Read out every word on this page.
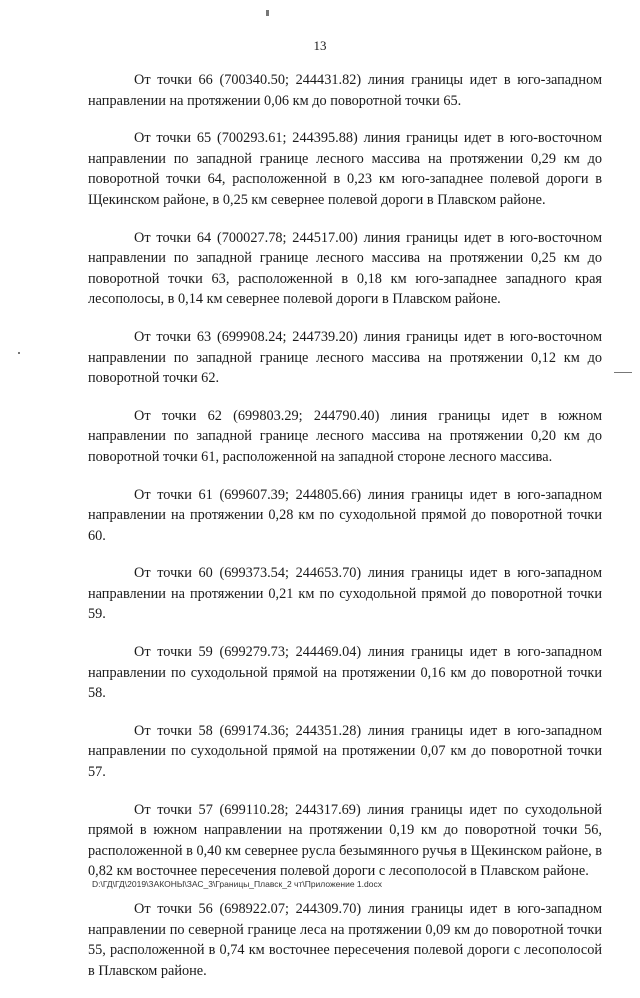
13

От точки 66 (700340.50; 244431.82) линия границы идет в юго-западном направлении на протяжении 0,06 км до поворотной точки 65.

От точки 65 (700293.61; 244395.88) линия границы идет в юго-восточном направлении по западной границе лесного массива на протяжении 0,29 км до поворотной точки 64, расположенной в 0,23 км юго-западнее полевой дороги в Щекинском районе, в 0,25 км севернее полевой дороги в Плавском районе.

От точки 64 (700027.78; 244517.00) линия границы идет в юго-восточном направлении по западной границе лесного массива на протяжении 0,25 км до поворотной точки 63, расположенной в 0,18 км юго-западнее западного края лесополосы, в 0,14 км севернее полевой дороги в Плавском районе.

От точки 63 (699908.24; 244739.20) линия границы идет в юго-восточном направлении по западной границе лесного массива на протяжении 0,12 км до поворотной точки 62.

От точки 62 (699803.29; 244790.40) линия границы идет в южном направлении по западной границе лесного массива на протяжении 0,20 км до поворотной точки 61, расположенной на западной стороне лесного массива.

От точки 61 (699607.39; 244805.66) линия границы идет в юго-западном направлении на протяжении 0,28 км по суходольной прямой до поворотной точки 60.

От точки 60 (699373.54; 244653.70) линия границы идет в юго-западном направлении на протяжении 0,21 км по суходольной прямой до поворотной точки 59.

От точки 59 (699279.73; 244469.04) линия границы идет в юго-западном направлении по суходольной прямой на протяжении 0,16 км до поворотной точки 58.

От точки 58 (699174.36; 244351.28) линия границы идет в юго-западном направлении по суходольной прямой на протяжении 0,07 км до поворотной точки 57.

От точки 57 (699110.28; 244317.69) линия границы идет по суходольной прямой в южном направлении на протяжении 0,19 км до поворотной точки 56, расположенной в 0,40 км севернее русла безымянного ручья в Щекинском районе, в 0,82 км восточнее пересечения полевой дороги с лесополосой в Плавском районе.

От точки 56 (698922.07; 244309.70) линия границы идет в юго-западном направлении по северной границе леса на протяжении 0,09 км до поворотной точки 55, расположенной в 0,74 км восточнее пересечения полевой дороги с лесополосой в Плавском районе.

D:\ГД\ГД\2019\ЗАКОНЫ\ЗАС_3\Границы_Плавск_2 чт\Приложение 1.docx
